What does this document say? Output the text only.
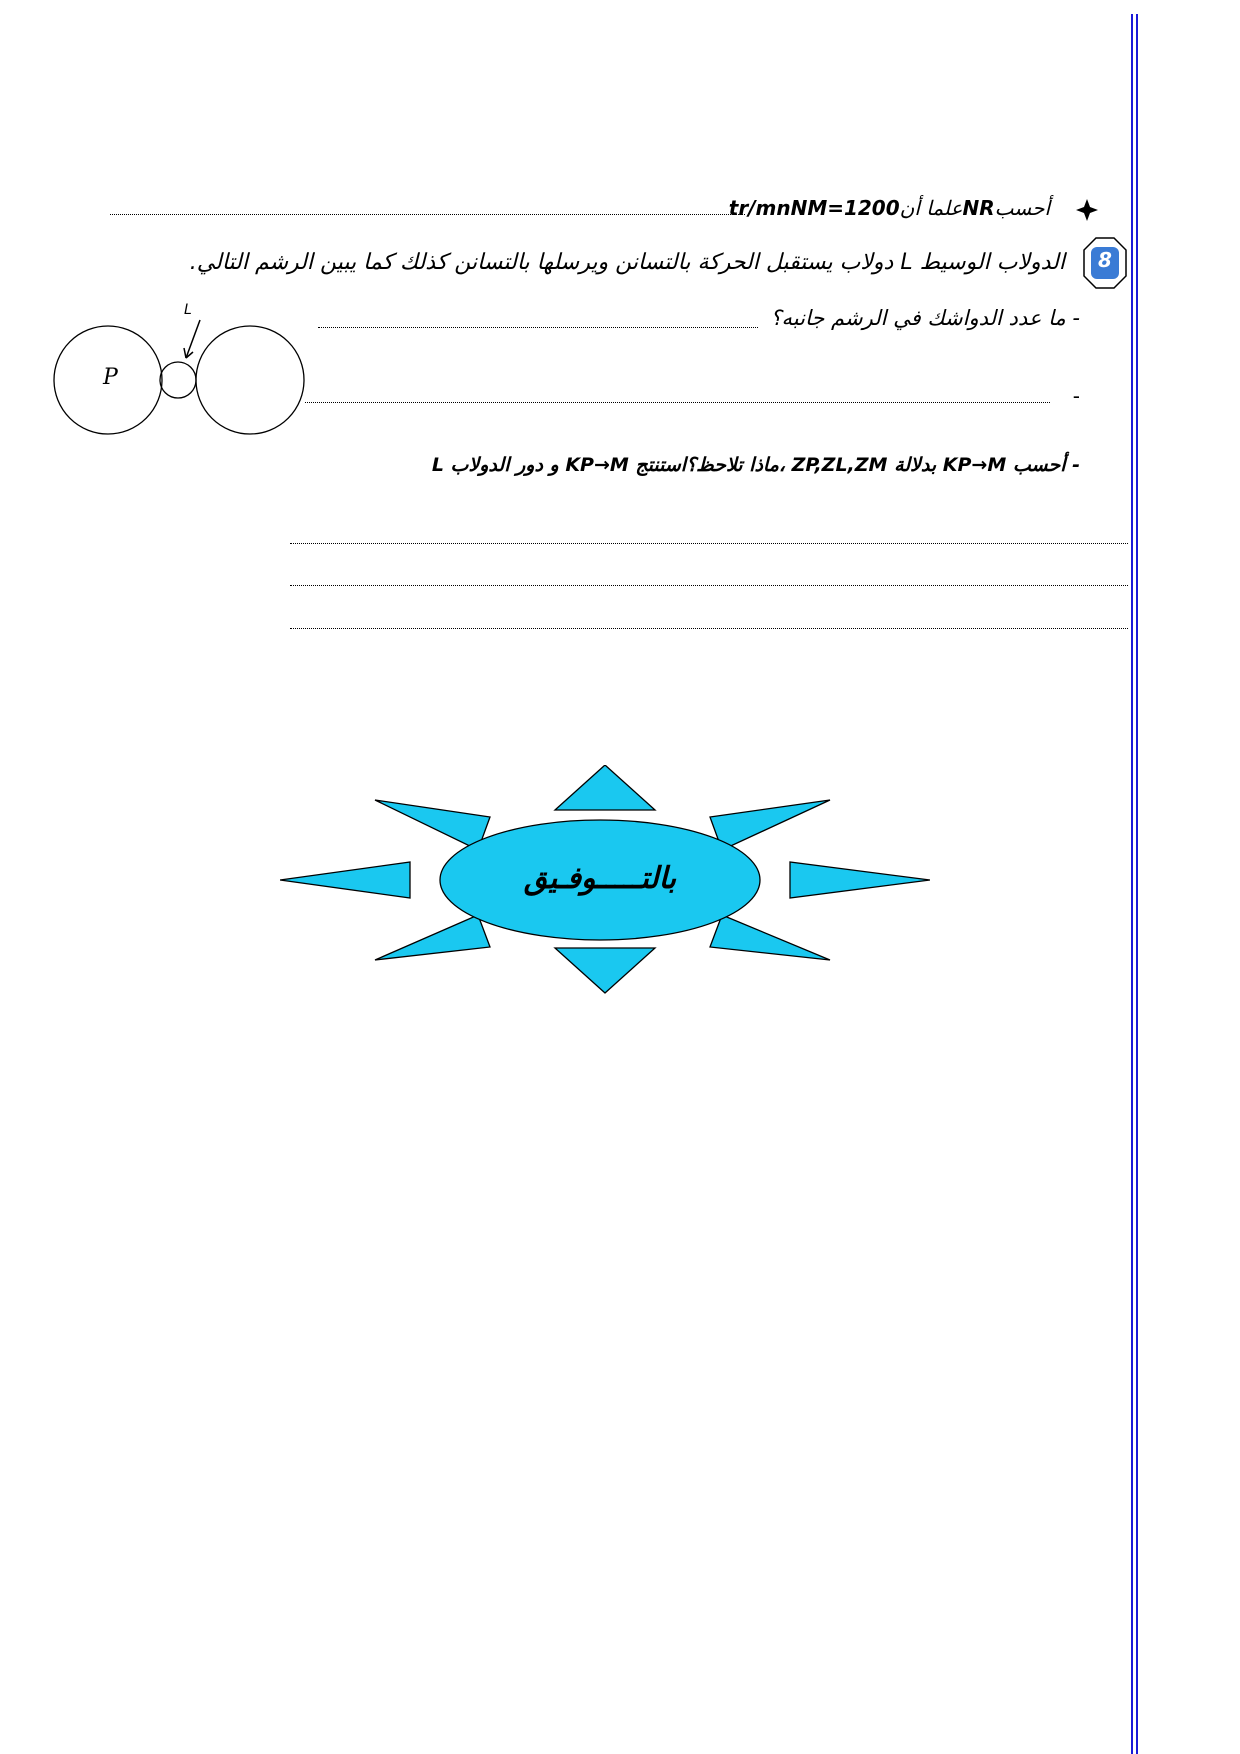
أحسبNRعلما أنtr/mnNM=1200
8
الدولاب الوسيط L دولاب يستقبل الحركة بالتسانن ويرسلها بالتسانن كذلك كما يبين الرشم التالي.
- ما عدد الدواشك في الرشم جانبه؟
-
P
L
- أحسب KP→M بدلالة ZP,ZL,ZM ،ماذا تلاحظ؟استنتج KP→M و دور الدولاب L
بالتـــــوفـيق
